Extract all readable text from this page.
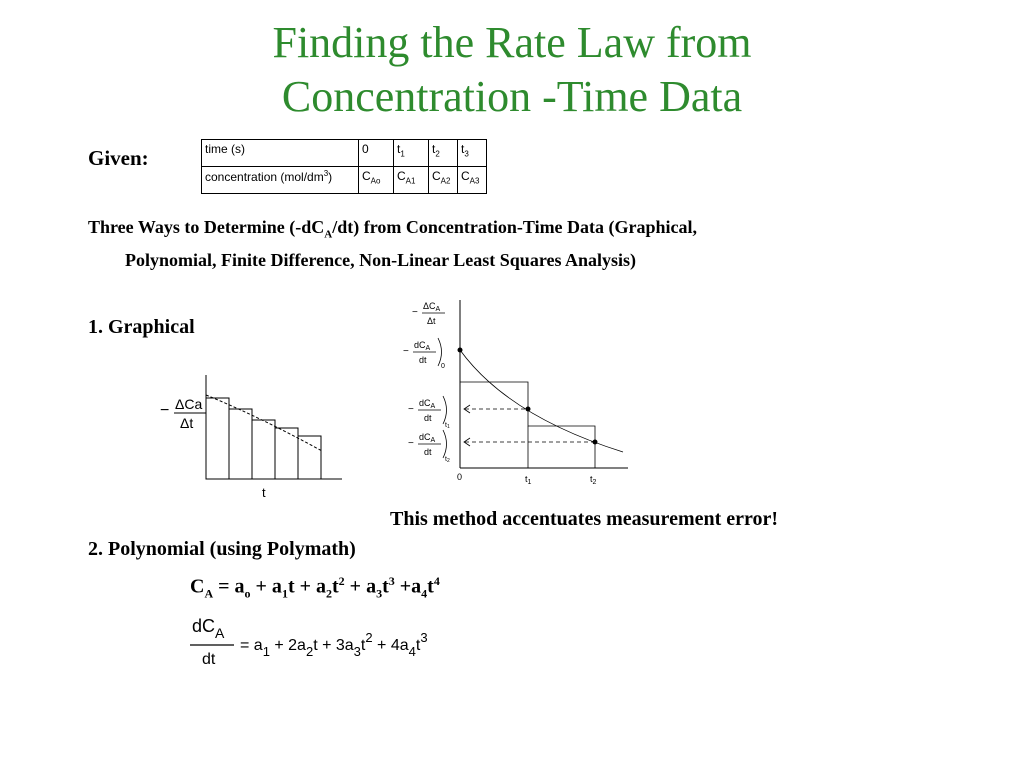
Finding the Rate Law from
Concentration -Time Data
Given:	time (s)	0	$t_1$	$t_2$	$t_3$
concentration $(mol/dm^3)$	$C_{Ao}$	$C_{A1}$	$C_{A2}$	$C_{A3}$
Three Ways to Determine $(-dC_A/dt)$ from Concentration-Time Data (Graphical,
Polynomial, Finite Difference, Non-Linear Least Squares Analysis)
1. Graphical
− ΔCa
Δt
t
−
$\Delta C_A$
Δt
−
$dC_A$
dt
0
−
$dC_A$
dt
t1
−
$dC_A$
dt
t2
0	$t_1$	$t_2$
This method accentuates measurement error!
2. Polynomial (using Polymath)
$C_A = a_o + a_1t + a_2t^2 + a_3t^3 +a_4t^4$
$dC_A$
dt
= $a_1 + 2a_2t + 3a_3t^2 + 4a_4t^3$
